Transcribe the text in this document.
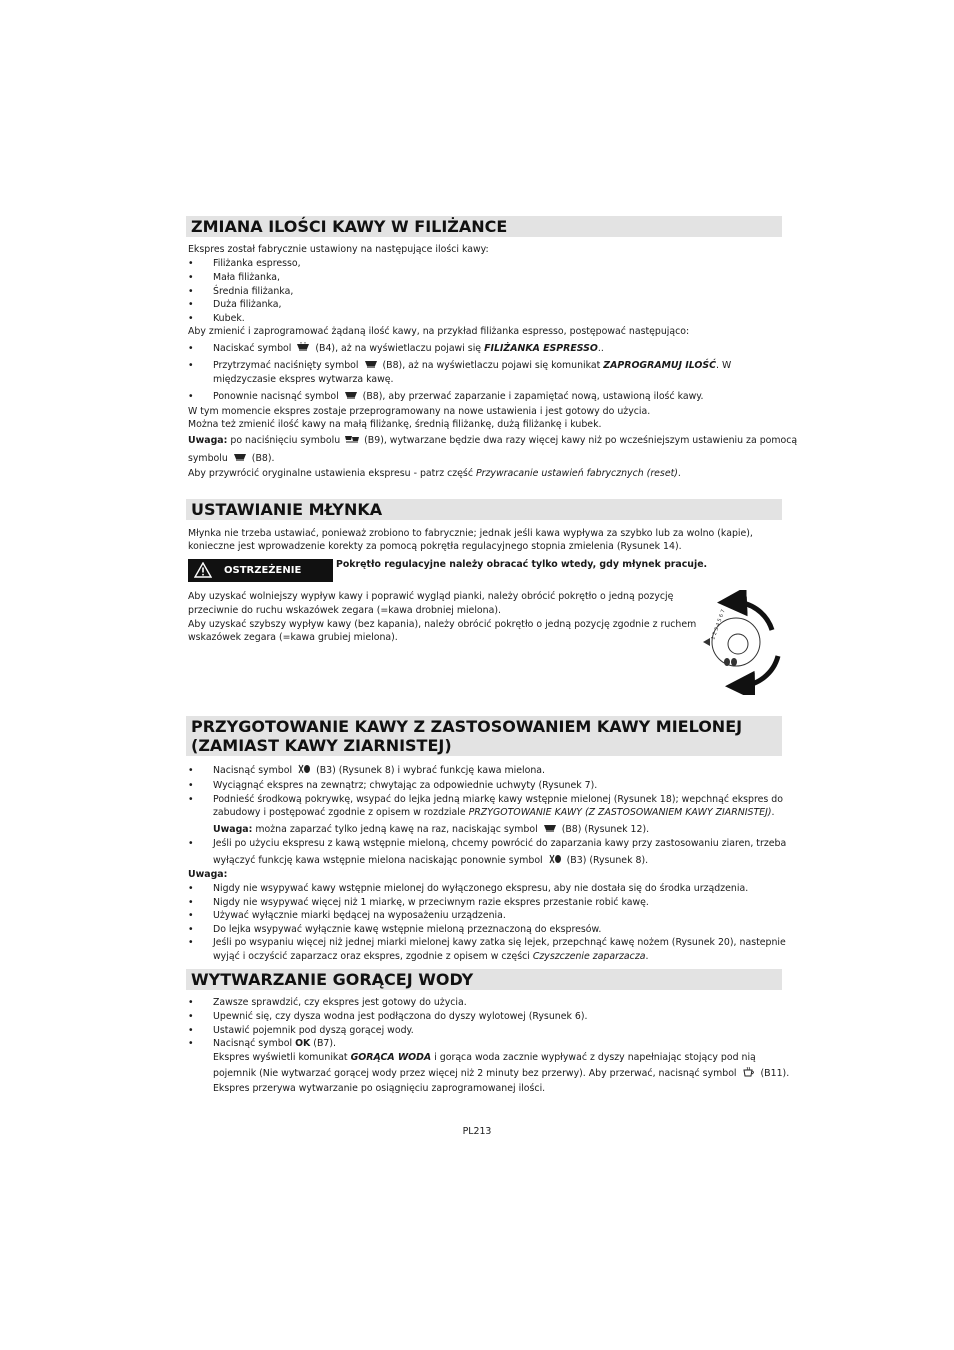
ZMIANA ILOŚCI KAWY W FILIŻANCE
Ekspres został fabrycznie ustawiony na następujące ilości kawy:
• Filiżanka espresso,
• Mała filiżanka,
• Średnia filiżanka,
• Duża filiżanka,
• Kubek.
Aby zmienić i zaprogramować żądaną ilość kawy, na przykład filiżanka espresso, postępować następująco:
• Naciskać symbol	(B4), aż na wyświetlaczu pojawi się FILIŻANKA ESPRESSO..
• Przytrzymać naciśnięty symbol	(B8), aż na wyświetlaczu pojawi się komunikat ZAPROGRAMUJ ILOŚĆ. W
międzyczasie ekspres wytwarza kawę.
• Ponownie nacisnąć symbol	(B8), aby przerwać zaparzanie i zapamiętać nową, ustawioną ilość kawy.
W tym momencie ekspres zostaje przeprogramowany na nowe ustawienia i jest gotowy do użycia.
Można też zmienić ilość kawy na małą filiżankę, średnią filiżankę, dużą filiżankę i kubek.
Uwaga: po naciśnięciu symbolu	(B9), wytwarzane będzie dwa razy więcej kawy niż po wcześniejszym ustawieniu za pomocą
symbolu	(B8).
Aby przywrócić oryginalne ustawienia ekspresu - patrz część Przywracanie ustawień fabrycznych (reset).
USTAWIANIE MŁYNKA
Młynka nie trzeba ustawiać, ponieważ zrobiono to fabrycznie; jednak jeśli kawa wypływa za szybko lub za wolno (kapie),
konieczne jest wprowadzenie korekty za pomocą pokrętła regulacyjnego stopnia zmielenia (Rysunek 14).
OSTRZEŻENIE
Pokrętło regulacyjne należy obracać tylko wtedy, gdy młynek pracuje.
Aby uzyskać wolniejszy wypływ kawy i poprawić wygląd pianki, należy obrócić pokrętło o jedną pozycję
przeciwnie do ruchu wskazówek zegara (=kawa drobniej mielona).
Aby uzyskać szybszy wypływ kawy (bez kapania), należy obrócić pokrętło o jedną pozycję zgodnie z ruchem
wskazówek zegara (=kawa grubiej mielona).	1 2 3 4 5 6 7
PRZYGOTOWANIE KAWY Z ZASTOSOWANIEM KAWY MIELONEJ
(ZAMIAST KAWY ZIARNISTEJ)
• Nacisnąć symbol	(B3) (Rysunek 8) i wybrać funkcję kawa mielona.
• Wyciągnąć ekspres na zewnątrz; chwytając za odpowiednie uchwyty (Rysunek 7).
• Podnieść środkową pokrywkę, wsypać do lejka jedną miarkę kawy wstępnie mielonej (Rysunek 18); wepchnąć ekspres do
zabudowy i postępować zgodnie z opisem w rozdziale PRZYGOTOWANIE KAWY (Z ZASTOSOWANIEM KAWY ZIARNISTEJ).
Uwaga: można zaparzać tylko jedną kawę na raz, naciskając symbol	(B8) (Rysunek 12).
• Jeśli po użyciu ekspresu z kawą wstępnie mieloną, chcemy powrócić do zaparzania kawy przy zastosowaniu ziaren, trzeba
wyłączyć funkcję kawa wstępnie mielona naciskając ponownie symbol	(B3) (Rysunek 8).
Uwaga:
• Nigdy nie wsypywać kawy wstępnie mielonej do wyłączonego ekspresu, aby nie dostała się do środka urządzenia.
• Nigdy nie wsypywać więcej niż 1 miarkę, w przeciwnym razie ekspres przestanie robić kawę.
• Używać wyłącznie miarki będącej na wyposażeniu urządzenia.
• Do lejka wsypywać wyłącznie kawę wstępnie mieloną przeznaczoną do ekspresów.
• Jeśli po wsypaniu więcej niż jednej miarki mielonej kawy zatka się lejek, przepchnąć kawę nożem (Rysunek 20), nastepnie
wyjąć i oczyścić zaparzacz oraz ekspres, zgodnie z opisem w części Czyszczenie zaparzacza.
WYTWARZANIE GORĄCEJ WODY
• Zawsze sprawdzić, czy ekspres jest gotowy do użycia.
• Upewnić się, czy dysza wodna jest podłączona do dyszy wylotowej (Rysunek 6).
• Ustawić pojemnik pod dyszą gorącej wody.
• Nacisnąć symbol OK (B7).
Ekspres wyświetli komunikat GORĄCA WODA i gorąca woda zacznie wypływać z dyszy napełniając stojący pod nią
pojemnik (Nie wytwarzać gorącej wody przez więcej niż 2 minuty bez przerwy). Aby przerwać, nacisnąć symbol	(B11).
Ekspres przerywa wytwarzanie po osiągnięciu zaprogramowanej ilości.
PL213
